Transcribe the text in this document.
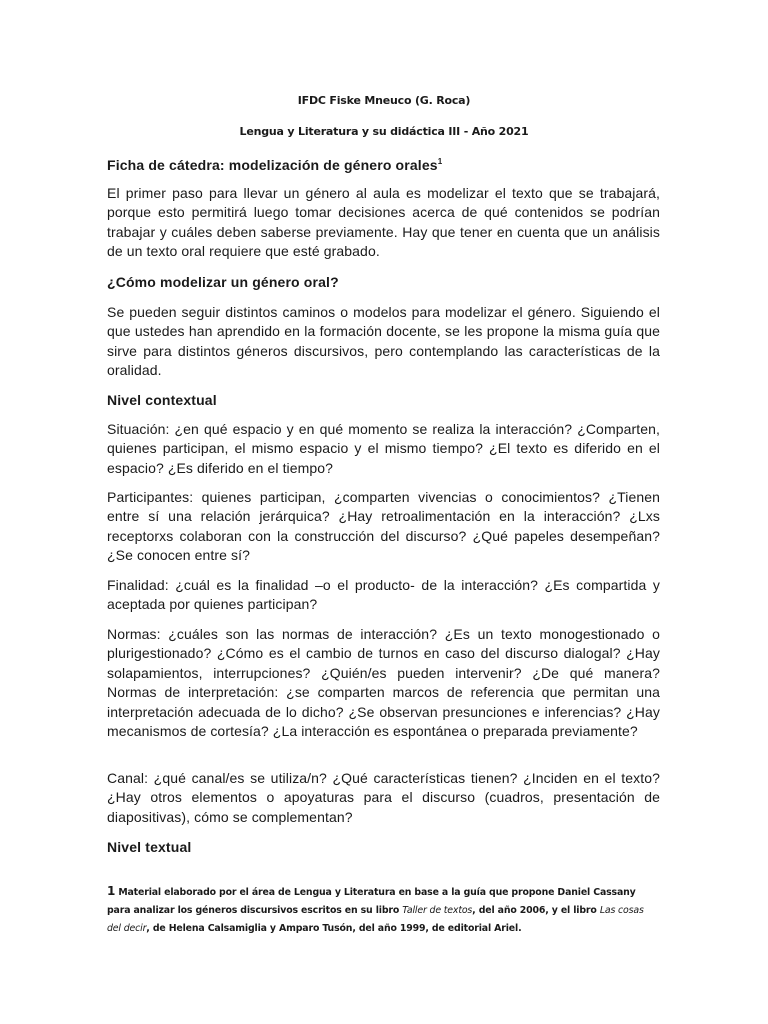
IFDC Fiske Mneuco (G. Roca)
Lengua y Literatura y su didáctica III - Año 2021
Ficha de cátedra: modelización de género orales$^1$
El primer paso para llevar un género al aula es modelizar el texto que se trabajará, porque esto permitirá luego tomar decisiones acerca de qué contenidos se podrían trabajar y cuáles deben saberse previamente. Hay que tener en cuenta que un análisis de un texto oral requiere que esté grabado.
¿Cómo modelizar un género oral?
Se pueden seguir distintos caminos o modelos para modelizar el género. Siguiendo el que ustedes han aprendido en la formación docente, se les propone la misma guía que sirve para distintos géneros discursivos, pero contemplando las características de la oralidad.
Nivel contextual
Situación: ¿en qué espacio y en qué momento se realiza la interacción? ¿Comparten, quienes participan, el mismo espacio y el mismo tiempo? ¿El texto es diferido en el espacio? ¿Es diferido en el tiempo?
Participantes: quienes participan, ¿comparten vivencias o conocimientos? ¿Tienen entre sí una relación jerárquica? ¿Hay retroalimentación en la interacción? ¿Lxs receptorxs colaboran con la construcción del discurso? ¿Qué papeles desempeñan? ¿Se conocen entre sí?
Finalidad: ¿cuál es la finalidad –o el producto- de la interacción? ¿Es compartida y aceptada por quienes participan?
Normas: ¿cuáles son las normas de interacción? ¿Es un texto monogestionado o plurigestionado? ¿Cómo es el cambio de turnos en caso del discurso dialogal? ¿Hay solapamientos, interrupciones? ¿Quién/es pueden intervenir? ¿De qué manera? Normas de interpretación: ¿se comparten marcos de referencia que permitan una interpretación adecuada de lo dicho? ¿Se observan presunciones e inferencias? ¿Hay mecanismos de cortesía? ¿La interacción es espontánea o preparada previamente?
Canal: ¿qué canal/es se utiliza/n? ¿Qué características tienen? ¿Inciden en el texto? ¿Hay otros elementos o apoyaturas para el discurso (cuadros, presentación de diapositivas), cómo se complementan?
Nivel textual
1 Material elaborado por el área de Lengua y Literatura en base a la guía que propone Daniel Cassany para analizar los géneros discursivos escritos en su libro Taller de textos, del año 2006, y el libro Las cosas del decir, de Helena Calsamiglia y Amparo Tusón, del año 1999, de editorial Ariel.
